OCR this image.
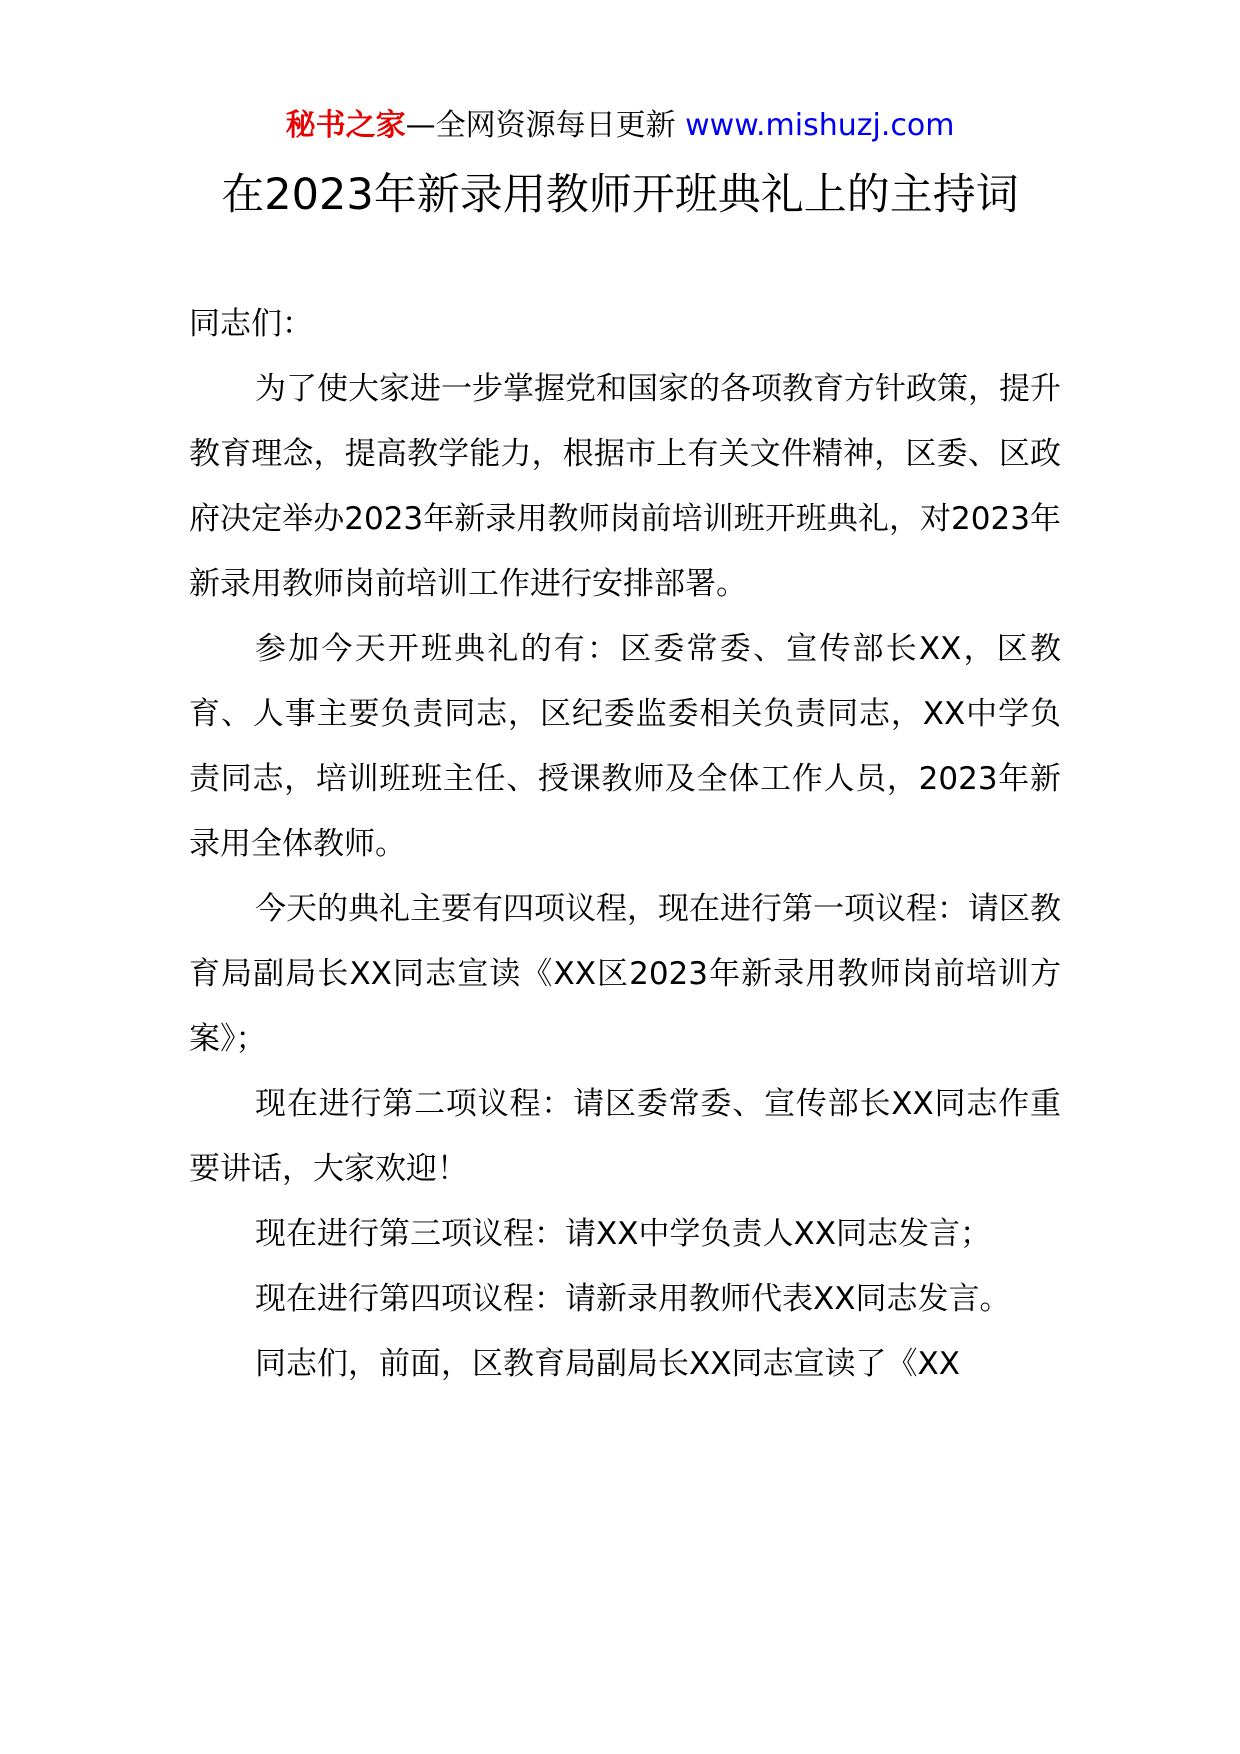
秘书之家—全网资源每日更新 www.mishuzj.com
在2023年新录用教师开班典礼上的主持词

同志们：

为了使大家进一步掌握党和国家的各项教育方针政策，提升教育理念，提高教学能力，根据市上有关文件精神，区委、区政府决定举办2023年新录用教师岗前培训班开班典礼，对2023年新录用教师岗前培训工作进行安排部署。

参加今天开班典礼的有：区委常委、宣传部长XX，区教育、人事主要负责同志，区纪委监委相关负责同志，XX中学负责同志，培训班班主任、授课教师及全体工作人员，2023年新录用全体教师。

今天的典礼主要有四项议程，现在进行第一项议程：请区教育局副局长XX同志宣读《XX区2023年新录用教师岗前培训方案》；

现在进行第二项议程：请区委常委、宣传部长XX同志作重要讲话，大家欢迎！

现在进行第三项议程：请XX中学负责人XX同志发言；

现在进行第四项议程：请新录用教师代表XX同志发言。

同志们，前面，区教育局副局长XX同志宣读了《XX
